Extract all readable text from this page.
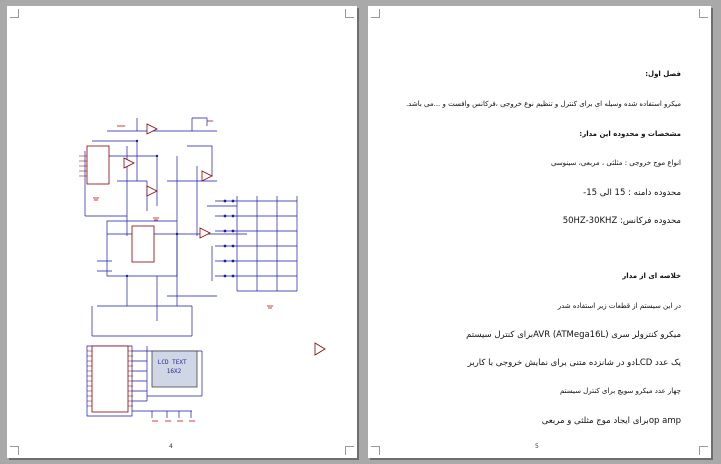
LCD TEXT 16X2
4
فصل اول:
میکرو استفاده شده وسیله ای برای کنترل و تنظیم نوع خروجی ،فرکانس وافست و ...می باشد.
مشخصات و محدوده این مدار:
انواع موج خروجی : مثلثی ، مربعی، سینوسی
محدوده دامنه : 15 الی 15-
محدوده فرکانس: 50HZ-30KHZ
خلاصه ای از مدار
در این سیستم از قطعات زیر استفاده شدر
میکرو کنترولر سری AVR (ATMega16L)برای کنترل سیستم
یک عدد LCDدو در شانزده متنی برای نمایش خروجی با کاربر
چهار عدد میکرو سویچ برای کنترل سیستم
op ampبرای ایجاد موج مثلثی و مربعی
5
